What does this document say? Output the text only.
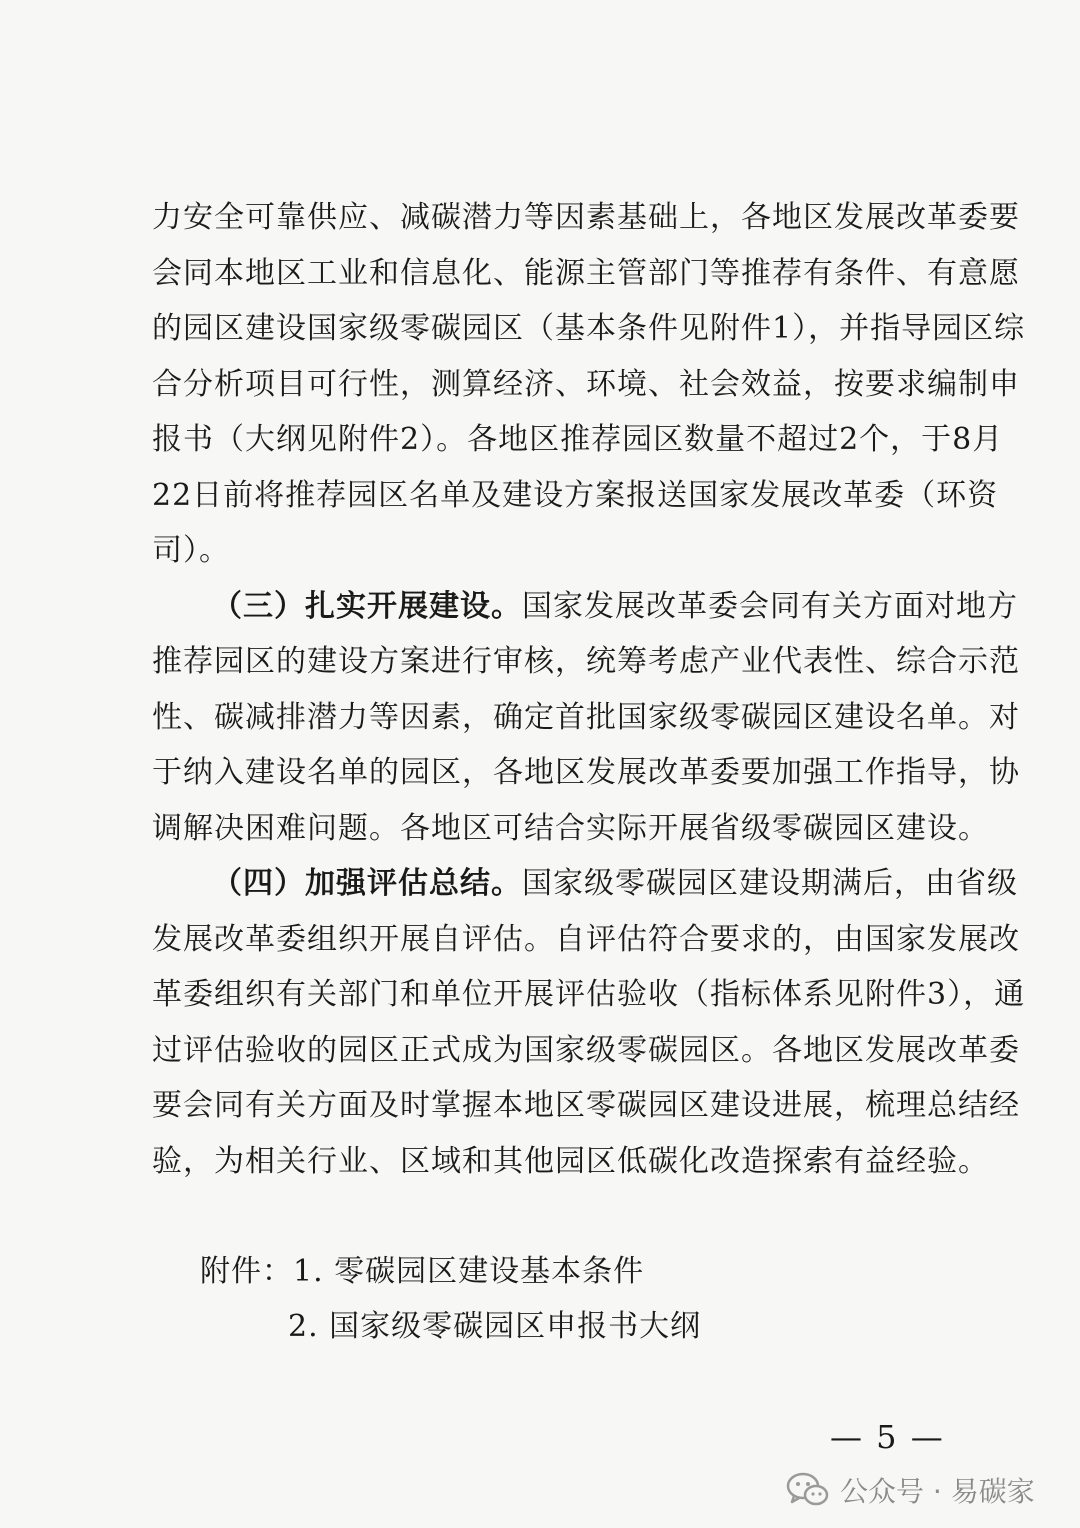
力安全可靠供应、减碳潜力等因素基础上，各地区发展改革委要
会同本地区工业和信息化、能源主管部门等推荐有条件、有意愿
的园区建设国家级零碳园区（基本条件见附件1），并指导园区综
合分析项目可行性，测算经济、环境、社会效益，按要求编制申
报书（大纲见附件2）。各地区推荐园区数量不超过2个，于8月
22日前将推荐园区名单及建设方案报送国家发展改革委（环资
司）。

（三）扎实开展建设。国家发展改革委会同有关方面对地方
推荐园区的建设方案进行审核，统筹考虑产业代表性、综合示范
性、碳减排潜力等因素，确定首批国家级零碳园区建设名单。对
于纳入建设名单的园区，各地区发展改革委要加强工作指导，协
调解决困难问题。各地区可结合实际开展省级零碳园区建设。

（四）加强评估总结。国家级零碳园区建设期满后，由省级
发展改革委组织开展自评估。自评估符合要求的，由国家发展改
革委组织有关部门和单位开展评估验收（指标体系见附件3），通
过评估验收的园区正式成为国家级零碳园区。各地区发展改革委
要会同有关方面及时掌握本地区零碳园区建设进展，梳理总结经
验，为相关行业、区域和其他园区低碳化改造探索有益经验。

附件：1. 零碳园区建设基本条件
2. 国家级零碳园区申报书大纲
— 5 —
公众号 · 易碳家
